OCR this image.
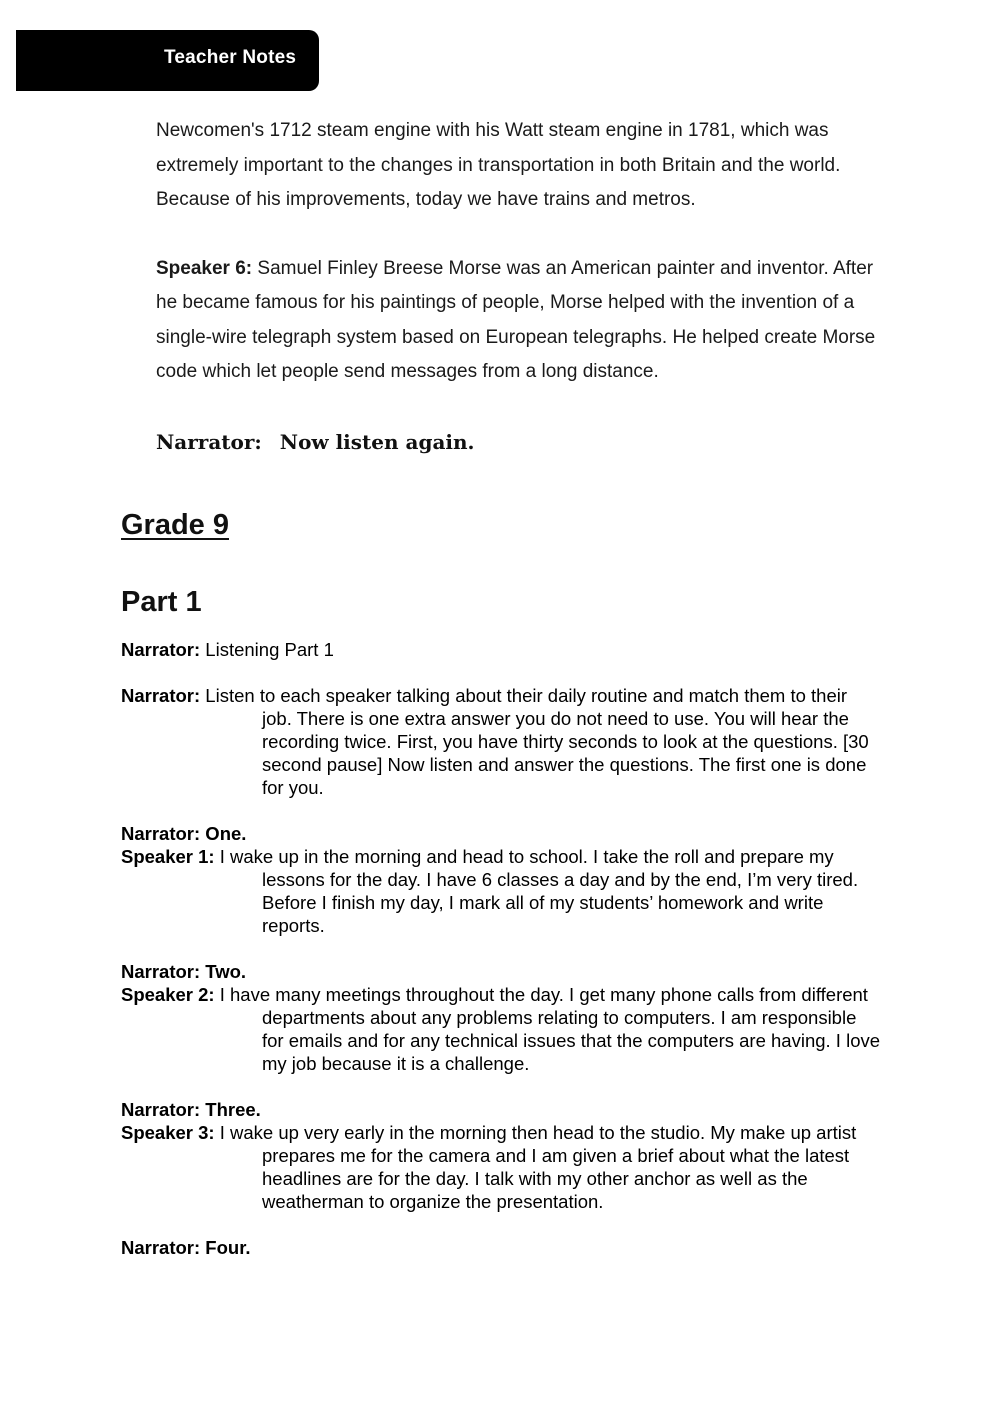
Teacher Notes

Newcomen's 1712 steam engine with his Watt steam engine in 1781, which was extremely important to the changes in transportation in both Britain and the world. Because of his improvements, today we have trains and metros.

Speaker 6: Samuel Finley Breese Morse was an American painter and inventor. After he became famous for his paintings of people, Morse helped with the invention of a single-wire telegraph system based on European telegraphs. He helped create Morse code which let people send messages from a long distance.

Narrator: Now listen again.
Grade 9
Part 1

Narrator: Listening Part 1

Narrator: Listen to each speaker talking about their daily routine and match them to their job. There is one extra answer you do not need to use. You will hear the recording twice. First, you have thirty seconds to look at the questions. [30 second pause] Now listen and answer the questions. The first one is done for you.

Narrator: One.

Speaker 1: I wake up in the morning and head to school. I take the roll and prepare my lessons for the day. I have 6 classes a day and by the end, I’m very tired. Before I finish my day, I mark all of my students’ homework and write reports.

Narrator: Two.

Speaker 2: I have many meetings throughout the day. I get many phone calls from different departments about any problems relating to computers. I am responsible for emails and for any technical issues that the computers are having. I love my job because it is a challenge.

Narrator: Three.

Speaker 3: I wake up very early in the morning then head to the studio. My make up artist prepares me for the camera and I am given a brief about what the latest headlines are for the day. I talk with my other anchor as well as the weatherman to organize the presentation.

Narrator: Four.
